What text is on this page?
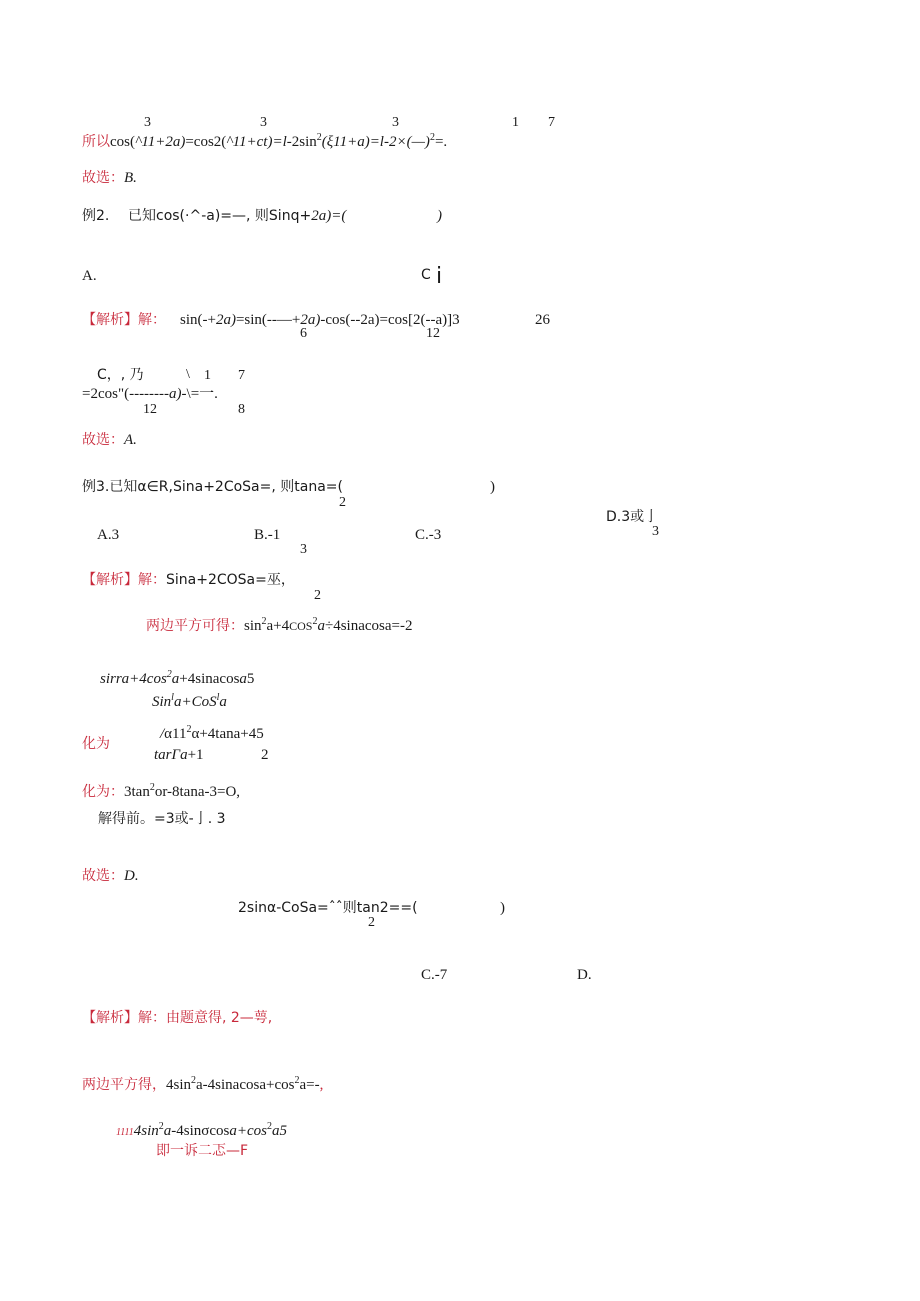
3	3	3	1 7
所以$\cos(\^{}11+2a)=\cos 2(\^{}11+ct)=l-2\sin^2(\xi 11+a)=l-2\times(—)^2=$.
故选：B.
例2. 已知cos(·^-a)=—, 则Sinq+2a)=(	)
A.	C i
【解析】解： sin(-+2a)=sin(--—+2a)-cos(--2a)=cos[2(--a)]3	26
6	12
C，, 乃	\ 1 7
=2cos"(--------a)-\=一.
12	8
故选：A.
例3.已知α∈R,Sina+2CoSa=, 则tana=(
2
)
A.3	B.-1
3
C.-3
D.3或亅
3
【解析】解：Sina+2COSa=巫，
2
两边平方可得：$\sin^2a+4COS^2a\div 4sinacosa=-2$
$sirra+4\cos^2a+4sinacosa5$
Sin$^l$a+CoS$^l$a
化为
$/\alpha 11^2\alpha+4\tan a+45$
tarΓa+1	2
化为：$3\tan^2or-8\tan a-3=O$,
解得前。=3或-亅. 3
故选：D.
2sinα-CoSa=ˆˆ则tan2==(
2
)
C.-7	D.
【解析】解：由题意得, 2—萼,
两边平方得，$4\sin^2a-4sinacosa+\cos^2a=-$,
$11114\sin^2a-4\sin\sigma\cos a+\cos^2a5$
即一诉二忑—F
